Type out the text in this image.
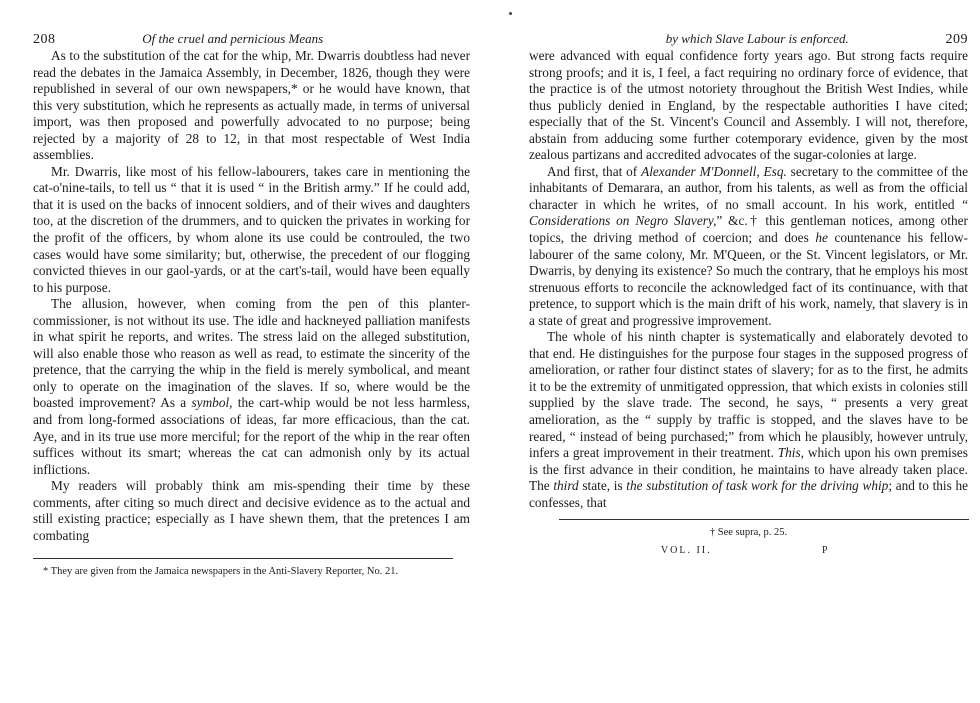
208	Of the cruel and pernicious Means

As to the substitution of the cat for the whip, Mr. Dwarris doubtless had never read the debates in the Jamaica Assembly, in December, 1826, though they were republished in several of our own newspapers,* or he would have known, that this very substitution, which he represents as actually made, in terms of universal import, was then proposed and powerfully advocated to no purpose; being rejected by a majority of 28 to 12, in that most respectable of West India assemblies.

Mr. Dwarris, like most of his fellow-labourers, takes care in mentioning the cat-o'nine-tails, to tell us “ that it is used “ in the British army.” If he could add, that it is used on the backs of innocent soldiers, and of their wives and daughters too, at the discretion of the drummers, and to quicken the privates in working for the profit of the officers, by whom alone its use could be controuled, the two cases would have some similarity; but, otherwise, the precedent of our flogging convicted thieves in our gaol-yards, or at the cart's-tail, would have been equally to his purpose.

The allusion, however, when coming from the pen of this planter-commissioner, is not without its use. The idle and hackneyed palliation manifests in what spirit he reports, and writes. The stress laid on the alleged substitution, will also enable those who reason as well as read, to estimate the sincerity of the pretence, that the carrying the whip in the field is merely symbolical, and meant only to operate on the imagination of the slaves. If so, where would be the boasted improvement? As a symbol, the cart-whip would be not less harmless, and from long-formed associations of ideas, far more efficacious, than the cat. Aye, and in its true use more merciful; for the report of the whip in the rear often suffices without its smart; whereas the cat can admonish only by its actual inflictions.

My readers will probably think am mis-spending their time by these comments, after citing so much direct and decisive evidence as to the actual and still existing practice; especially as I have shewn them, that the pretences I am combating

* They are given from the Jamaica newspapers in the Anti-Slavery Reporter, No. 21.
by which Slave Labour is enforced.	209

were advanced with equal confidence forty years ago. But strong facts require strong proofs; and it is, I feel, a fact requiring no ordinary force of evidence, that the practice is of the utmost notoriety throughout the British West Indies, while thus publicly denied in England, by the respectable authorities I have cited; especially that of the St. Vincent's Council and Assembly. I will not, therefore, abstain from adducing some further cotemporary evidence, given by the most zealous partizans and accredited advocates of the sugar-colonies at large.

And first, that of Alexander M'Donnell, Esq. secretary to the committee of the inhabitants of Demarara, an author, from his talents, as well as from the official character in which he writes, of no small account. In his work, entitled “ Considerations on Negro Slavery,” &c.† this gentleman notices, among other topics, the driving method of coercion; and does he countenance his fellow-labourer of the same colony, Mr. M'Queen, or the St. Vincent legislators, or Mr. Dwarris, by denying its existence? So much the contrary, that he employs his most strenuous efforts to reconcile the acknowledged fact of its continuance, with that pretence, to support which is the main drift of his work, namely, that slavery is in a state of great and progressive improvement.

The whole of his ninth chapter is systematically and elaborately devoted to that end. He distinguishes for the purpose four stages in the supposed progress of amelioration, or rather four distinct states of slavery; for as to the first, he admits it to be the extremity of unmitigated oppression, that which exists in colonies still supplied by the slave trade. The second, he says, “ presents a very great amelioration, as the “ supply by traffic is stopped, and the slaves have to be reared, “ instead of being purchased;” from which he plausibly, however untruly, infers a great improvement in their treatment. This, which upon his own premises is the first advance in their condition, he maintains to have already taken place. The third state, is the substitution of task work for the driving whip; and to this he confesses, that

† See supra, p. 25.
VOL. II.	P
